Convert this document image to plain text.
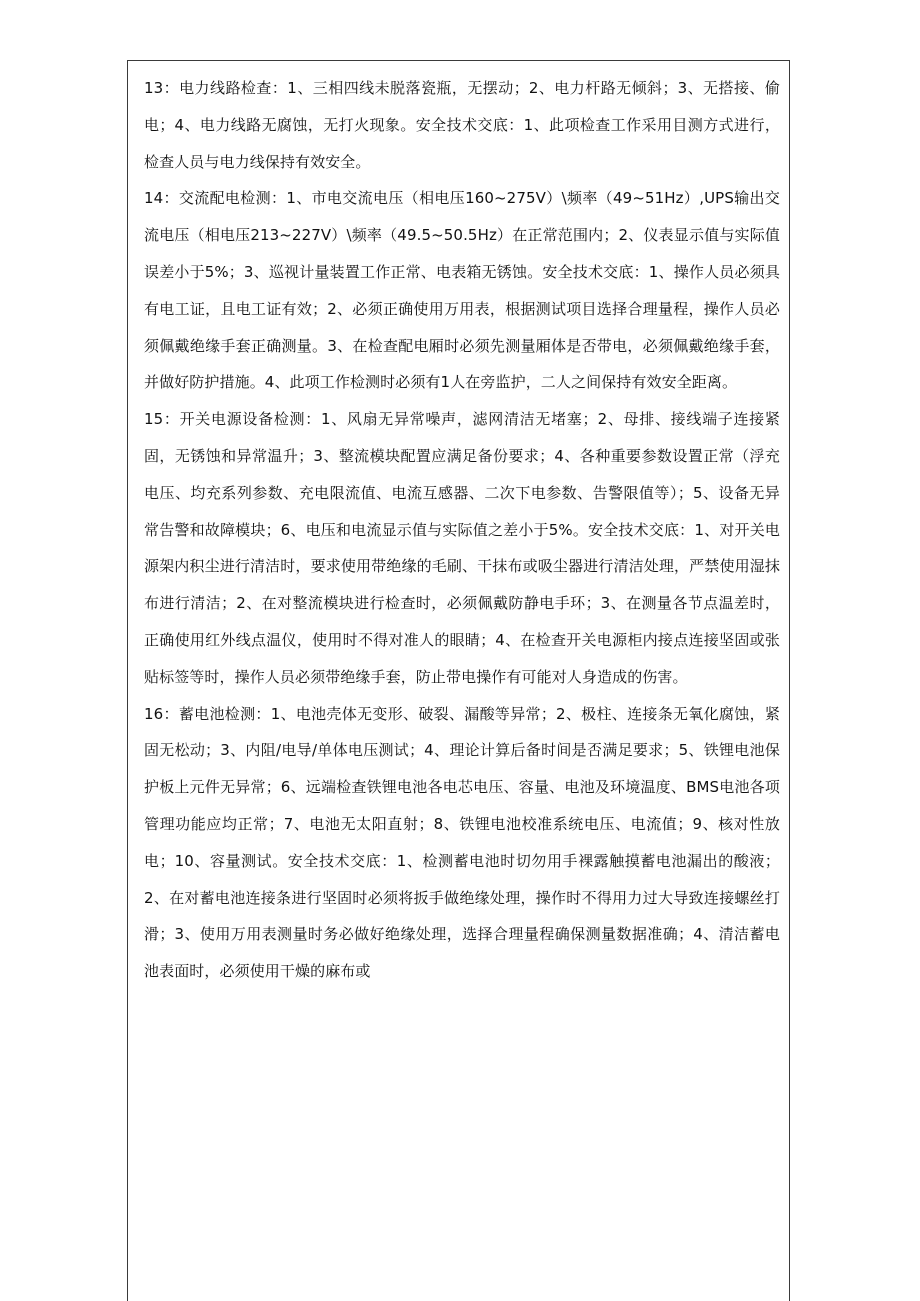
13：电力线路检查：1、三相四线未脱落瓷瓶，无摆动；2、电力杆路无倾斜；3、无搭接、偷电；4、电力线路无腐蚀，无打火现象。安全技术交底：1、此项检查工作采用目测方式进行，检查人员与电力线保持有效安全。

14：交流配电检测：1、市电交流电压（相电压160~275V）\频率（49~51Hz）,UPS输出交流电压（相电压213~227V）\频率（49.5~50.5Hz）在正常范围内；2、仪表显示值与实际值误差小于5%；3、巡视计量装置工作正常、电表箱无锈蚀。安全技术交底：1、操作人员必须具有电工证，且电工证有效；2、必须正确使用万用表，根据测试项目选择合理量程，操作人员必须佩戴绝缘手套正确测量。3、在检查配电厢时必须先测量厢体是否带电，必须佩戴绝缘手套，并做好防护措施。4、此项工作检测时必须有1人在旁监护，二人之间保持有效安全距离。

15：开关电源设备检测：1、风扇无异常噪声，滤网清洁无堵塞；2、母排、接线端子连接紧固，无锈蚀和异常温升；3、整流模块配置应满足备份要求；4、各种重要参数设置正常（浮充电压、均充系列参数、充电限流值、电流互感器、二次下电参数、告警限值等）；5、设备无异常告警和故障模块；6、电压和电流显示值与实际值之差小于5%。安全技术交底：1、对开关电源架内积尘进行清洁时，要求使用带绝缘的毛刷、干抹布或吸尘器进行清洁处理，严禁使用湿抹布进行清洁；2、在对整流模块进行检查时，必须佩戴防静电手环；3、在测量各节点温差时，正确使用红外线点温仪，使用时不得对准人的眼睛；4、在检查开关电源柜内接点连接坚固或张贴标签等时，操作人员必须带绝缘手套，防止带电操作有可能对人身造成的伤害。

16：蓄电池检测：1、电池壳体无变形、破裂、漏酸等异常；2、极柱、连接条无氧化腐蚀，紧固无松动；3、内阻/电导/单体电压测试；4、理论计算后备时间是否满足要求；5、铁锂电池保护板上元件无异常；6、远端检查铁锂电池各电芯电压、容量、电池及环境温度、BMS电池各项管理功能应均正常；7、电池无太阳直射；8、铁锂电池校准系统电压、电流值；9、核对性放电；10、容量测试。安全技术交底：1、检测蓄电池时切勿用手裸露触摸蓄电池漏出的酸液；2、在对蓄电池连接条进行坚固时必须将扳手做绝缘处理，操作时不得用力过大导致连接螺丝打滑；3、使用万用表测量时务必做好绝缘处理，选择合理量程确保测量数据准确；4、清洁蓄电池表面时，必须使用干燥的麻布或
